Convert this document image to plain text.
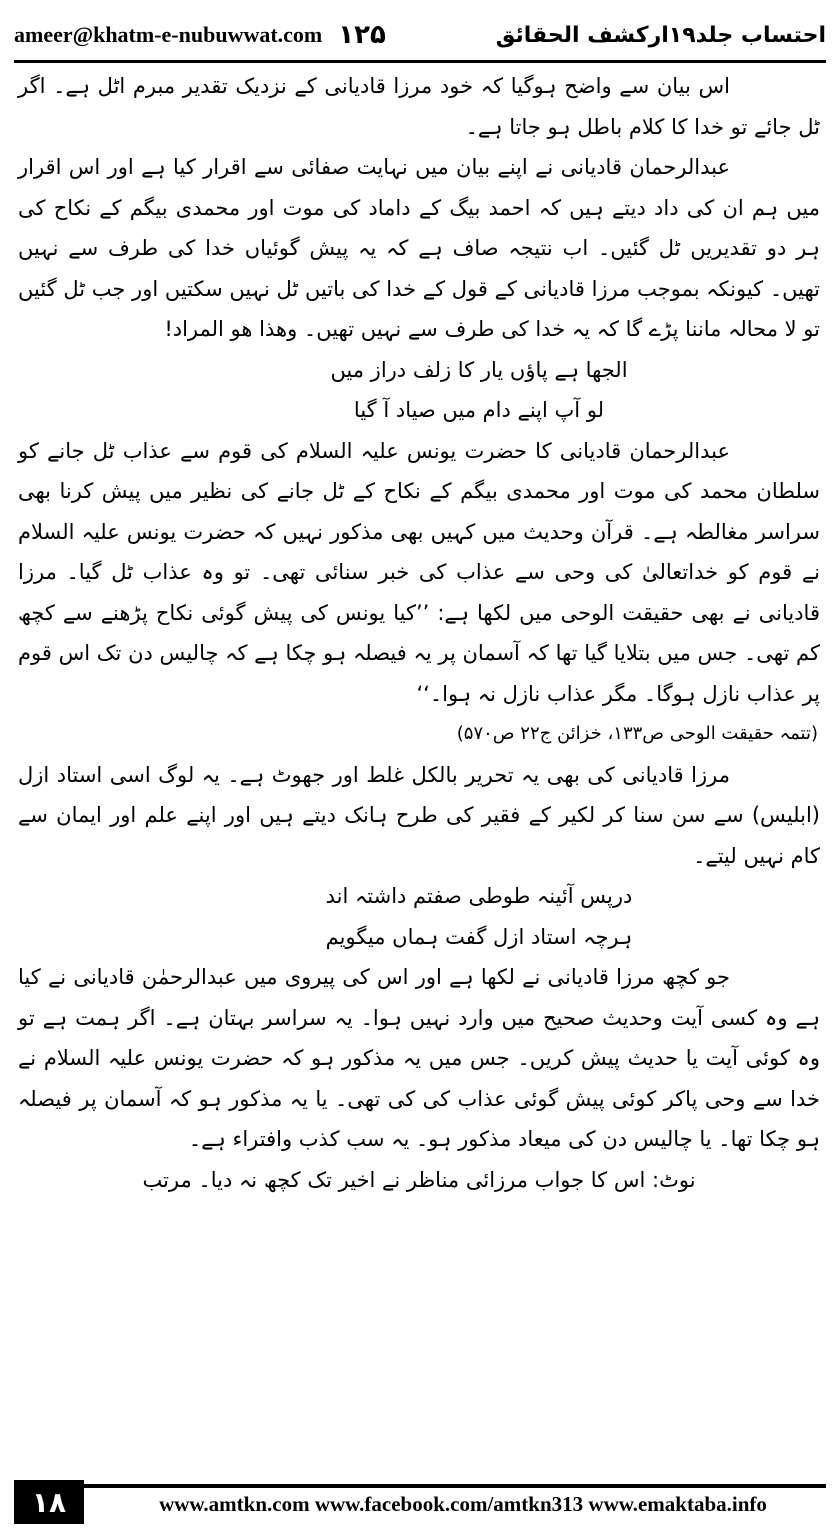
ameer@khatm-e-nubuwwat.com ۱۲۵	احتساب جلد۱۹ارکشف الحقائق

اس بیان سے واضح ہوگیا کہ خود مرزا قادیانی کے نزدیک تقدیر مبرم اٹل ہے۔ اگر ٹل جائے تو خدا کا کلام باطل ہو جاتا ہے۔

عبدالرحمان قادیانی نے اپنے بیان میں نہایت صفائی سے اقرار کیا ہے اور اس اقرار میں ہم ان کی داد دیتے ہیں کہ احمد بیگ کے داماد کی موت اور محمدی بیگم کے نکاح کی ہر دو تقدیریں ٹل گئیں۔ اب نتیجہ صاف ہے کہ یہ پیش گوئیاں خدا کی طرف سے نہیں تھیں۔ کیونکہ بموجب مرزا قادیانی کے قول کے خدا کی باتیں ٹل نہیں سکتیں اور جب ٹل گئیں تو لا محالہ ماننا پڑے گا کہ یہ خدا کی طرف سے نہیں تھیں۔ وھذا ھو المراد!

الجھا ہے پاؤں یار کا زلف دراز میں

لو آپ اپنے دام میں صیاد آ گیا

عبدالرحمان قادیانی کا حضرت یونس علیہ السلام کی قوم سے عذاب ٹل جانے کو سلطان محمد کی موت اور محمدی بیگم کے نکاح کے ٹل جانے کی نظیر میں پیش کرنا بھی سراسر مغالطہ ہے۔ قرآن وحدیث میں کہیں بھی مذکور نہیں کہ حضرت یونس علیہ السلام نے قوم کو خداتعالیٰ کی وحی سے عذاب کی خبر سنائی تھی۔ تو وہ عذاب ٹل گیا۔ مرزا قادیانی نے بھی حقیقت الوحی میں لکھا ہے: ’’کیا یونس کی پیش گوئی نکاح پڑھنے سے کچھ کم تھی۔ جس میں بتلایا گیا تھا کہ آسمان پر یہ فیصلہ ہو چکا ہے کہ چالیس دن تک اس قوم پر عذاب نازل ہوگا۔ مگر عذاب نازل نہ ہوا۔‘‘

(تتمہ حقیقت الوحی ص۱۳۳، خزائن ج۲۲ ص۵۷۰)

مرزا قادیانی کی بھی یہ تحریر بالکل غلط اور جھوٹ ہے۔ یہ لوگ اسی استاد ازل (ابلیس) سے سن سنا کر لکیر کے فقیر کی طرح ہانک دیتے ہیں اور اپنے علم اور ایمان سے کام نہیں لیتے۔

درپس آئینہ طوطی صفتم داشتہ اند

ہرچہ استاد ازل گفت ہماں میگویم

جو کچھ مرزا قادیانی نے لکھا ہے اور اس کی پیروی میں عبدالرحمٰن قادیانی نے کیا ہے وہ کسی آیت وحدیث صحیح میں وارد نہیں ہوا۔ یہ سراسر بہتان ہے۔ اگر ہمت ہے تو وہ کوئی آیت یا حدیث پیش کریں۔ جس میں یہ مذکور ہو کہ حضرت یونس علیہ السلام نے خدا سے وحی پاکر کوئی پیش گوئی عذاب کی کی تھی۔ یا یہ مذکور ہو کہ آسمان پر فیصلہ ہو چکا تھا۔ یا چالیس دن کی میعاد مذکور ہو۔ یہ سب کذب وافتراء ہے۔

نوٹ: اس کا جواب مرزائی مناظر نے اخیر تک کچھ نہ دیا۔ مرتب

۱۸	www.amtkn.com www.facebook.com/amtkn313 www.emaktaba.info
